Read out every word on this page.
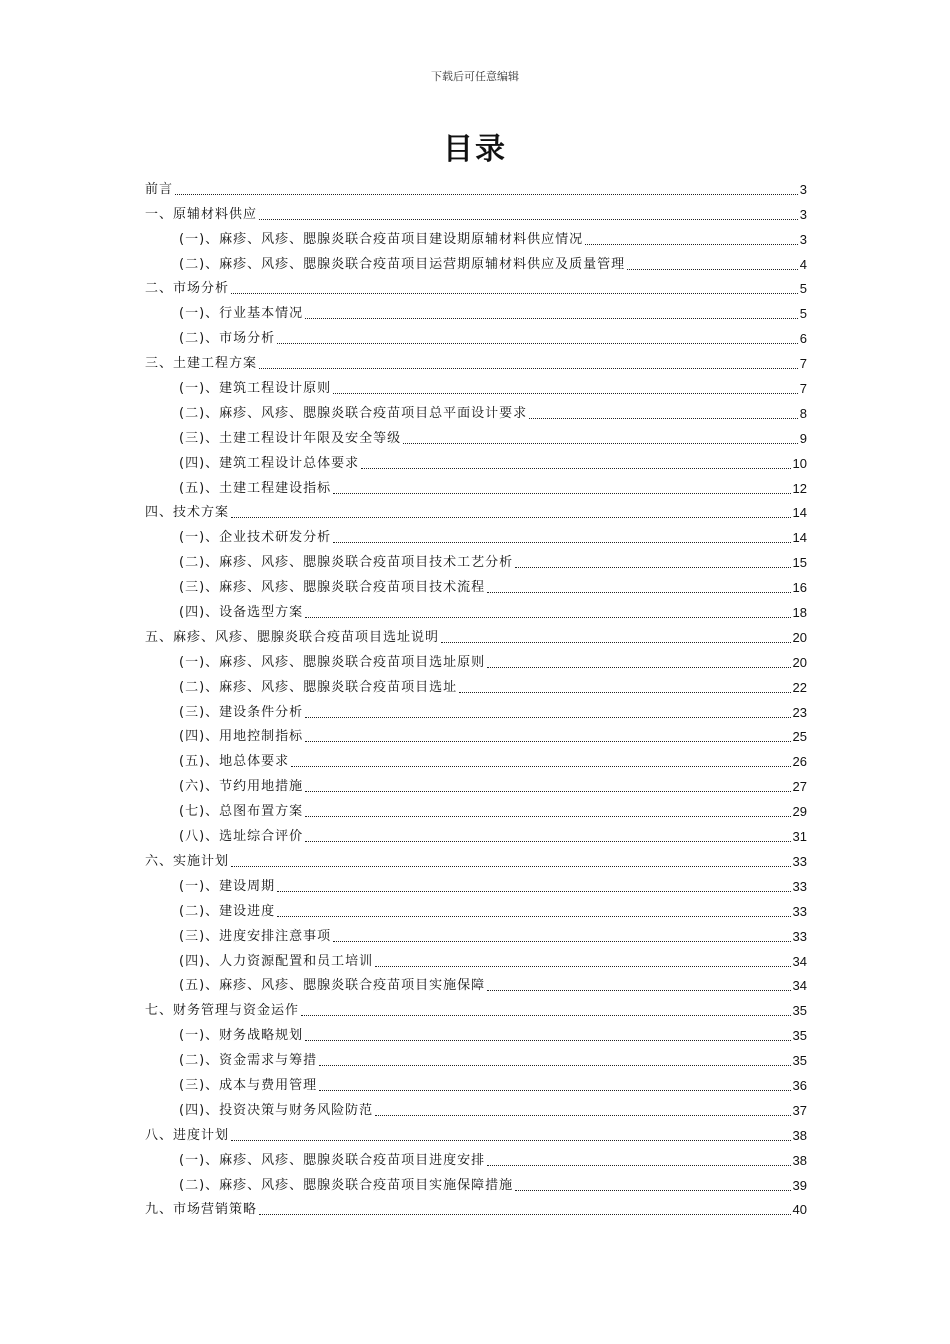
下载后可任意编辑
目录
前言	3
一、原辅材料供应	3
(一)、麻疹、风疹、腮腺炎联合疫苗项目建设期原辅材料供应情况	3
(二)、麻疹、风疹、腮腺炎联合疫苗项目运营期原辅材料供应及质量管理	4
二、市场分析	5
(一)、行业基本情况	5
(二)、市场分析	6
三、土建工程方案	7
(一)、建筑工程设计原则	7
(二)、麻疹、风疹、腮腺炎联合疫苗项目总平面设计要求	8
(三)、土建工程设计年限及安全等级	9
(四)、建筑工程设计总体要求	10
(五)、土建工程建设指标	12
四、技术方案	14
(一)、企业技术研发分析	14
(二)、麻疹、风疹、腮腺炎联合疫苗项目技术工艺分析	15
(三)、麻疹、风疹、腮腺炎联合疫苗项目技术流程	16
(四)、设备选型方案	18
五、麻疹、风疹、腮腺炎联合疫苗项目选址说明	20
(一)、麻疹、风疹、腮腺炎联合疫苗项目选址原则	20
(二)、麻疹、风疹、腮腺炎联合疫苗项目选址	22
(三)、建设条件分析	23
(四)、用地控制指标	25
(五)、地总体要求	26
(六)、节约用地措施	27
(七)、总图布置方案	29
(八)、选址综合评价	31
六、实施计划	33
(一)、建设周期	33
(二)、建设进度	33
(三)、进度安排注意事项	33
(四)、人力资源配置和员工培训	34
(五)、麻疹、风疹、腮腺炎联合疫苗项目实施保障	34
七、财务管理与资金运作	35
(一)、财务战略规划	35
(二)、资金需求与筹措	35
(三)、成本与费用管理	36
(四)、投资决策与财务风险防范	37
八、进度计划	38
(一)、麻疹、风疹、腮腺炎联合疫苗项目进度安排	38
(二)、麻疹、风疹、腮腺炎联合疫苗项目实施保障措施	39
九、市场营销策略	40
